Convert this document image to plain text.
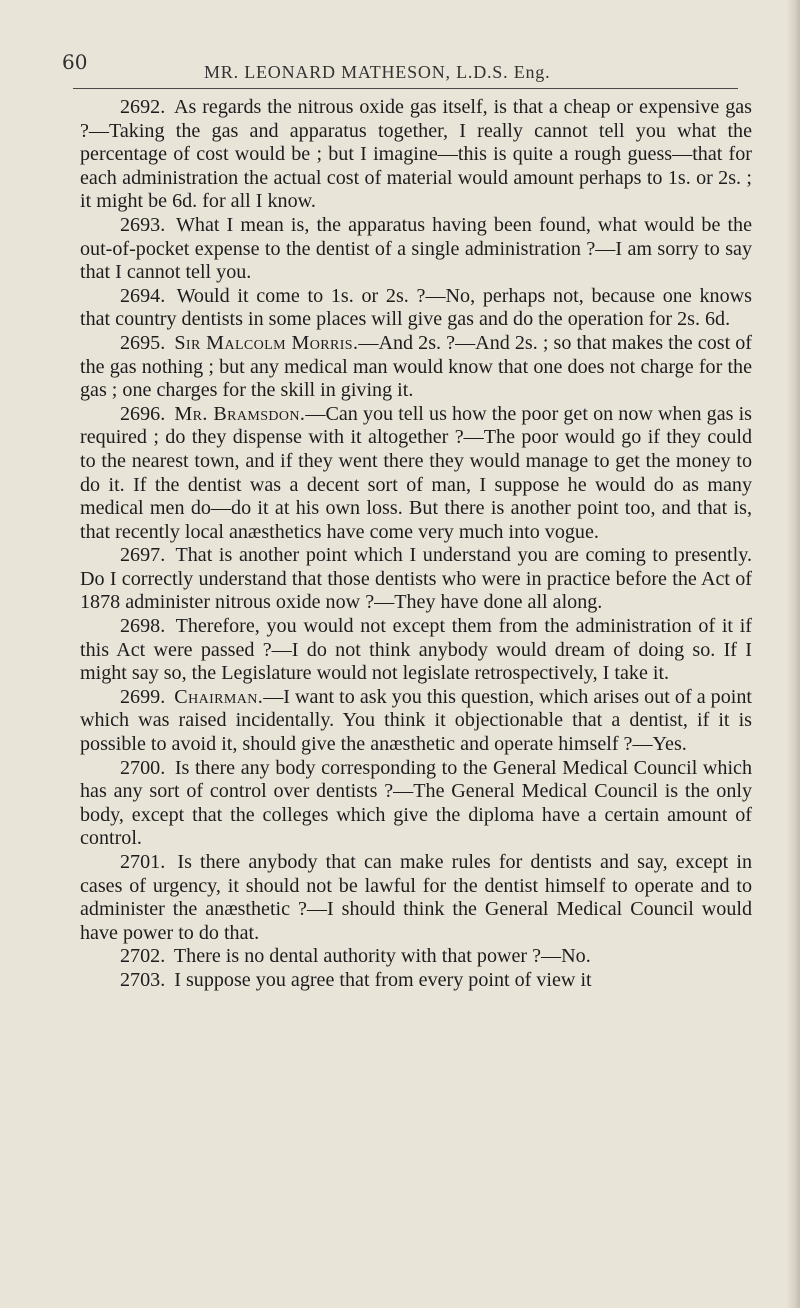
60	MR. LEONARD MATHESON, L.D.S. Eng.

2692. As regards the nitrous oxide gas itself, is that a cheap or expensive gas ?—Taking the gas and apparatus together, I really cannot tell you what the percentage of cost would be ; but I imagine—this is quite a rough guess—that for each administration the actual cost of material would amount perhaps to 1s. or 2s. ; it might be 6d. for all I know.

2693. What I mean is, the apparatus having been found, what would be the out-of-pocket expense to the dentist of a single administration ?—I am sorry to say that I cannot tell you.

2694. Would it come to 1s. or 2s. ?—No, perhaps not, because one knows that country dentists in some places will give gas and do the operation for 2s. 6d.

2695. Sir Malcolm Morris.—And 2s. ?—And 2s. ; so that makes the cost of the gas nothing ; but any medical man would know that one does not charge for the gas ; one charges for the skill in giving it.

2696. Mr. Bramsdon.—Can you tell us how the poor get on now when gas is required ; do they dispense with it altogether ?—The poor would go if they could to the nearest town, and if they went there they would manage to get the money to do it. If the dentist was a decent sort of man, I suppose he would do as many medical men do—do it at his own loss. But there is another point too, and that is, that recently local anæsthetics have come very much into vogue.

2697. That is another point which I understand you are coming to presently. Do I correctly understand that those dentists who were in practice before the Act of 1878 administer nitrous oxide now ?—They have done all along.

2698. Therefore, you would not except them from the administration of it if this Act were passed ?—I do not think anybody would dream of doing so. If I might say so, the Legislature would not legislate retrospectively, I take it.

2699. Chairman.—I want to ask you this question, which arises out of a point which was raised incidentally. You think it objectionable that a dentist, if it is possible to avoid it, should give the anæsthetic and operate himself ?—Yes.

2700. Is there any body corresponding to the General Medical Council which has any sort of control over dentists ?—The General Medical Council is the only body, except that the colleges which give the diploma have a certain amount of control.

2701. Is there anybody that can make rules for dentists and say, except in cases of urgency, it should not be lawful for the dentist himself to operate and to administer the anæsthetic ?—I should think the General Medical Council would have power to do that.

2702. There is no dental authority with that power ?—No.

2703. I suppose you agree that from every point of view it
